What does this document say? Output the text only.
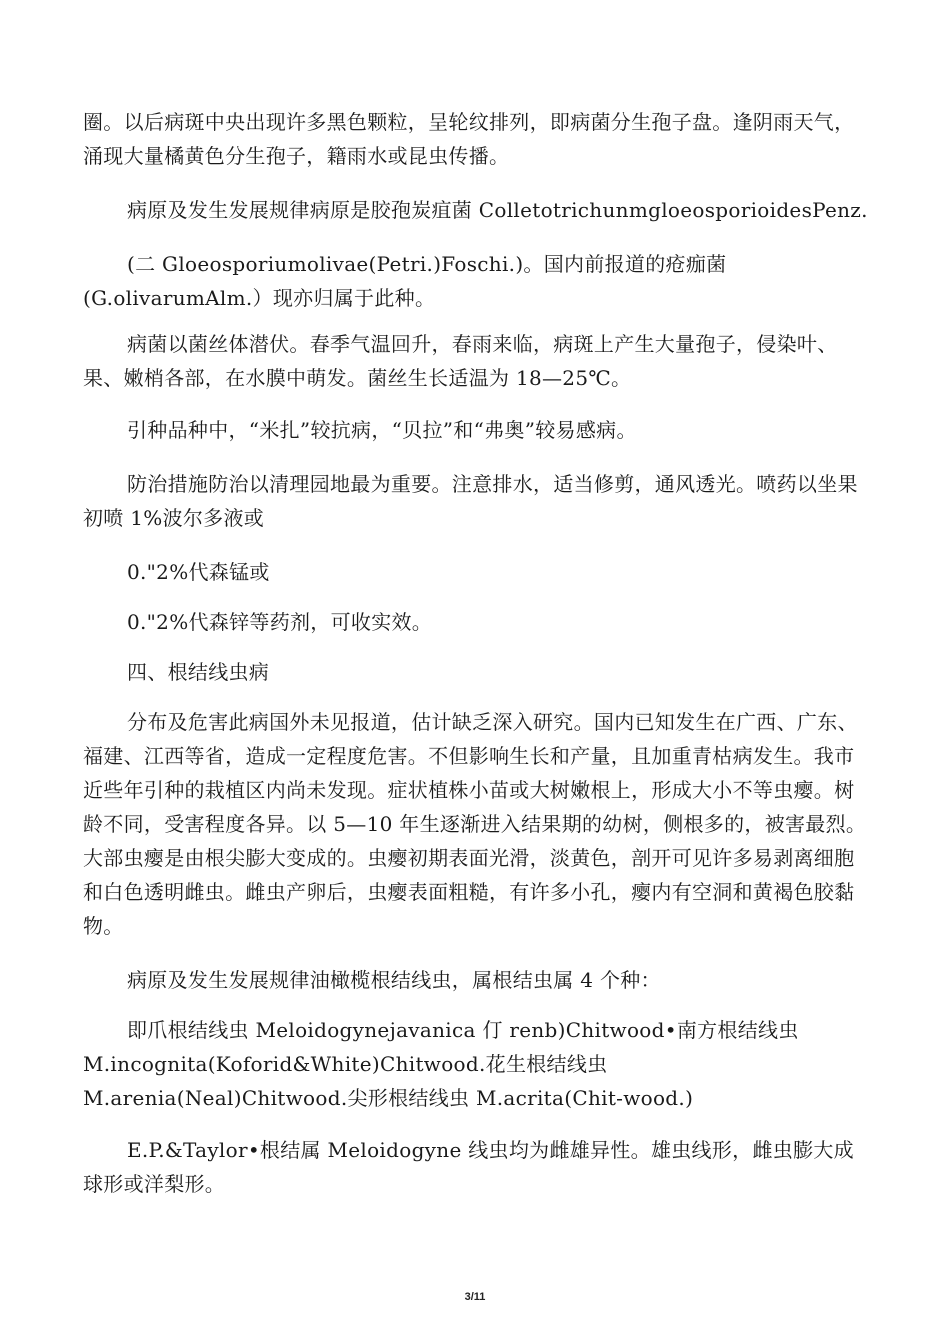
圈。以后病斑中央出现许多黑色颗粒，呈轮纹排列，即病菌分生孢子盘。逢阴雨天气，涌现大量橘黄色分生孢子，籍雨水或昆虫传播。

病原及发生发展规律病原是胶孢炭疽菌 ColletotrichunmgloeosporioidesPenz.

(二 Gloeosporiumolivae(Petri.)Foschi.)。国内前报道的疮痂菌(G.olivarumAlm.）现亦归属于此种。

病菌以菌丝体潜伏。春季气温回升，春雨来临，病斑上产生大量孢子，侵染叶、果、嫩梢各部，在水膜中萌发。菌丝生长适温为 18—25℃。

引种品种中，“米扎”较抗病，“贝拉”和“弗奥”较易感病。

防治措施防治以清理园地最为重要。注意排水，适当修剪，通风透光。喷药以坐果初喷 1%波尔多液或

0."2%代森锰或

0."2%代森锌等药剂，可收实效。

四、根结线虫病

分布及危害此病国外未见报道，估计缺乏深入研究。国内已知发生在广西、广东、福建、江西等省，造成一定程度危害。不但影响生长和产量，且加重青枯病发生。我市近些年引种的栽植区内尚未发现。症状植株小苗或大树嫩根上，形成大小不等虫瘿。树龄不同，受害程度各异。以 5—10 年生逐渐进入结果期的幼树，侧根多的，被害最烈。大部虫瘿是由根尖膨大变成的。虫瘿初期表面光滑，淡黄色，剖开可见许多易剥离细胞和白色透明雌虫。雌虫产卵后，虫瘿表面粗糙，有许多小孔，瘿内有空洞和黄褐色胶黏物。

病原及发生发展规律油橄榄根结线虫，属根结虫属 4 个种：

即爪根结线虫 Meloidogynejavanica 仃 renb)Chitwood•南方根结线虫 M.incognita(Koforid&White)Chitwood.花生根结线虫 M.arenia(Neal)Chitwood.尖形根结线虫 M.acrita(Chit-wood.)

E.P.&Taylor•根结属 Meloidogyne 线虫均为雌雄异性。雄虫线形，雌虫膨大成球形或洋梨形。

3/11
